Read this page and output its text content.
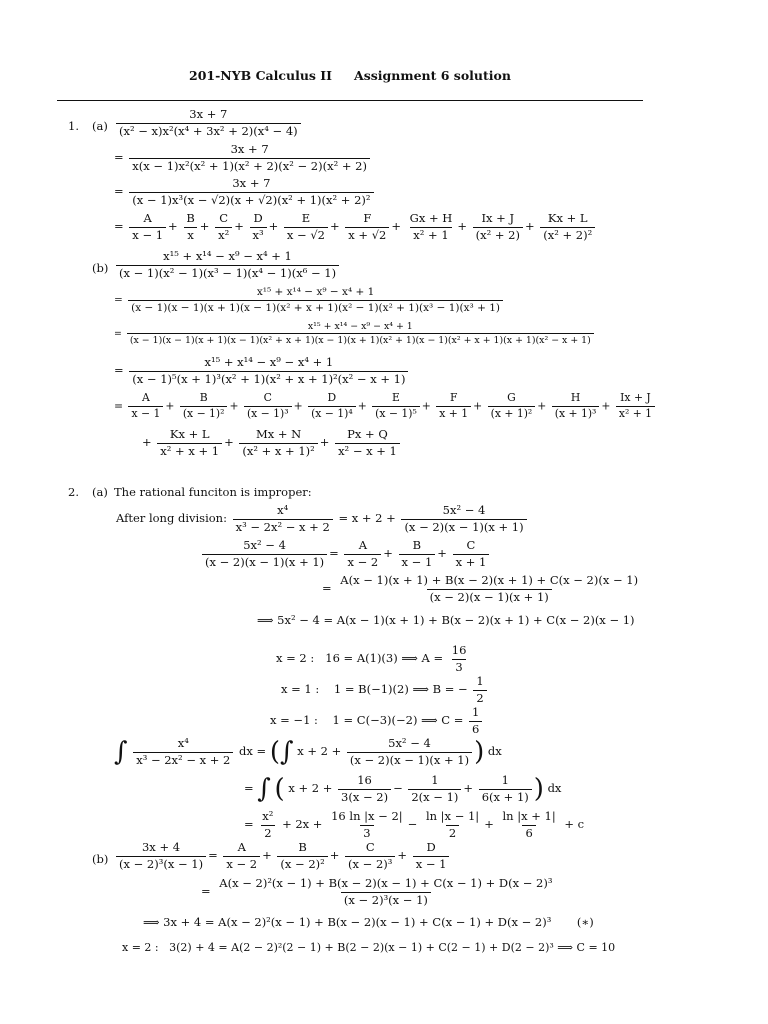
201-NYB Calculus II Assignment 6 solution
1. $(a) \frac{3x + 7}{\text{(x² − x)x²(x⁴ + 3x² + 2)(x⁴ − 4)}}$
= $\frac{3x + 7}{\text{x(x − 1)x²(x² + 1)(x² + 2)(x² − 2)(x² + 2)}}$
= $\frac{3x + 7}{\text{(x − 1)x³(x − √2)(x + √2)(x² + 1)(x² + 2)²}}$
= $\frac{A}{x - 1} + \frac{B}{x} + \frac{C}{\text{x²}} + \frac{D}{\text{x³}} + \frac{E}{x - √2} + \frac{F}{x + √2} + \frac{Gx + H}{\text{x² + 1}} + \frac{Ix + J}{\text{(x² + 2)}} + \frac{Kx + L}{\text{(x² + 2)²}}$
$(b) \frac{\text{x¹⁵ + x¹⁴ − x⁹ − x⁴ + 1}}{\text{(x − 1)(x² − 1)(x³ − 1)(x⁴ − 1)(x⁶ − 1)}}$
=
x¹⁵ + x¹⁴ − x⁹ − x⁴ + 1
(x − 1)(x − 1)(x + 1)(x − 1)(x² + x + 1)(x² − 1)(x² + 1)(x³ − 1)(x³ + 1)
=
x¹⁵ + x¹⁴ − x⁹ − x⁴ + 1
(x − 1)(x − 1)(x + 1)(x − 1)(x² + x + 1)(x − 1)(x + 1)(x² + 1)(x − 1)(x² + x + 1)(x + 1)(x² − x + 1)
= $\frac{\text{x¹⁵ + x¹⁴ − x⁹ − x⁴ + 1}}{\text{(x − 1)⁵(x + 1)³(x² + 1)(x² + x + 1)²(x² − x + 1)}}$
= $\frac{A}{x - 1} + \frac{B}{\text{(x − 1)²}} + \frac{C}{\text{(x − 1)³}} + \frac{D}{\text{(x − 1)⁴}} + \frac{E}{\text{(x − 1)⁵}} + \frac{F}{x + 1} + \frac{G}{\text{(x + 1)²}} + \frac{H}{\text{(x + 1)³}} + \frac{Ix + J}{\text{x² + 1}}$
+ $\frac{Kx + L}{\text{x² + x + 1}} + \frac{Mx + N}{\text{(x² + x + 1)²}} + \frac{Px + Q}{\text{x² − x + 1}}$
2. (a) The rational funciton is improper:
After long division: $\frac{\text{x⁴}}{\text{x³ − 2x² − x + 2}} = x + 2 + \frac{\text{5x² − 4}}{(x - 2)(x - 1)(x + 1)}$
$\frac{\text{5x² − 4}}{(x - 2)(x - 1)(x + 1)} = \frac{A}{x - 2} + \frac{B}{x - 1} + \frac{C}{x + 1}$
= $\frac{A(x - 1)(x + 1) + B(x - 2)(x + 1) + C(x - 2)(x - 1)}{(x - 2)(x - 1)(x + 1)}$
⟹ 5x² − 4 = A(x − 1)(x + 1) + B(x − 2)(x + 1) + C(x − 2)(x − 1)
x = 2 : 16 = A(1)(3) ⟹ $A = \frac{16}{3}$
x = 1 : 1 = B(−1)(2) ⟹ B = − $\frac{1}{2}$
x = −1 : 1 = C(−3)(−2) ⟹ $C = \frac{1}{6}$
∫ $\frac{\text{x⁴}}{\text{x³ − 2x² − x + 2}}$ dx = (∫ $x + 2 + \frac{\text{5x² − 4}}{(x - 2)(x - 1)(x + 1)}$ ) dx
= ∫ ( $x + 2 + \frac{16}{3(x - 2)} - \frac{1}{2(x - 1)} + \frac{1}{6(x + 1)}$ ) dx
= $\frac{\text{x²}}{2} + 2x + \frac{16 \ln |x - 2|}{3} - \frac{\ln |x - 1|}{2} + \frac{\ln |x + 1|}{6} + c$
$(b) \frac{3x + 4}{\text{(x − 2)³(x − 1)}} = \frac{A}{x - 2} + \frac{B}{\text{(x − 2)²}} + \frac{C}{\text{(x − 2)³}} + \frac{D}{x - 1}$
= $\frac{\text{A(x − 2)²(x − 1) + B(x − 2)(x − 1) + C(x − 1) + D(x − 2)³}}{\text{(x − 2)³(x − 1)}}$
⟹ 3x + 4 = A(x − 2)²(x − 1) + B(x − 2)(x − 1) + C(x − 1) + D(x − 2)³ (∗)
x = 2 : 3(2) + 4 = A(2 − 2)²(2 − 1) + B(2 − 2)(x − 1) + C(2 − 1) + D(2 − 2)³ ⟹ C = 10
